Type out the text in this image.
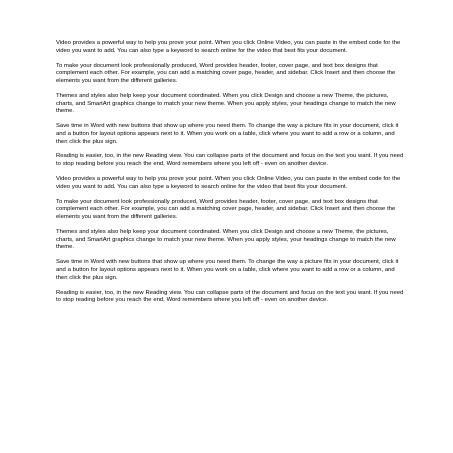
Video provides a powerful way to help you prove your point. When you click Online Video, you can paste in the embed code for the video you want to add. You can also type a keyword to search online for the video that best fits your document.

To make your document look professionally produced, Word provides header, footer, cover page, and text box designs that complement each other. For example, you can add a matching cover page, header, and sidebar. Click Insert and then choose the elements you want from the different galleries.

Themes and styles also help keep your document coordinated. When you click Design and choose a new Theme, the pictures, charts, and SmartArt graphics change to match your new theme. When you apply styles, your headings change to match the new theme.

Save time in Word with new buttons that show up where you need them. To change the way a picture fits in your document, click it and a button for layout options appears next to it. When you work on a table, click where you want to add a row or a column, and then click the plus sign.

Reading is easier, too, in the new Reading view. You can collapse parts of the document and focus on the text you want. If you need to stop reading before you reach the end, Word remembers where you left off - even on another device.

Video provides a powerful way to help you prove your point. When you click Online Video, you can paste in the embed code for the video you want to add. You can also type a keyword to search online for the video that best fits your document.

To make your document look professionally produced, Word provides header, footer, cover page, and text box designs that complement each other. For example, you can add a matching cover page, header, and sidebar. Click Insert and then choose the elements you want from the different galleries.

Themes and styles also help keep your document coordinated. When you click Design and choose a new Theme, the pictures, charts, and SmartArt graphics change to match your new theme. When you apply styles, your headings change to match the new theme.

Save time in Word with new buttons that show up where you need them. To change the way a picture fits in your document, click it and a button for layout options appears next to it. When you work on a table, click where you want to add a row or a column, and then click the plus sign.

Reading is easier, too, in the new Reading view. You can collapse parts of the document and focus on the text you want. If you need to stop reading before you reach the end, Word remembers where you left off - even on another device.
